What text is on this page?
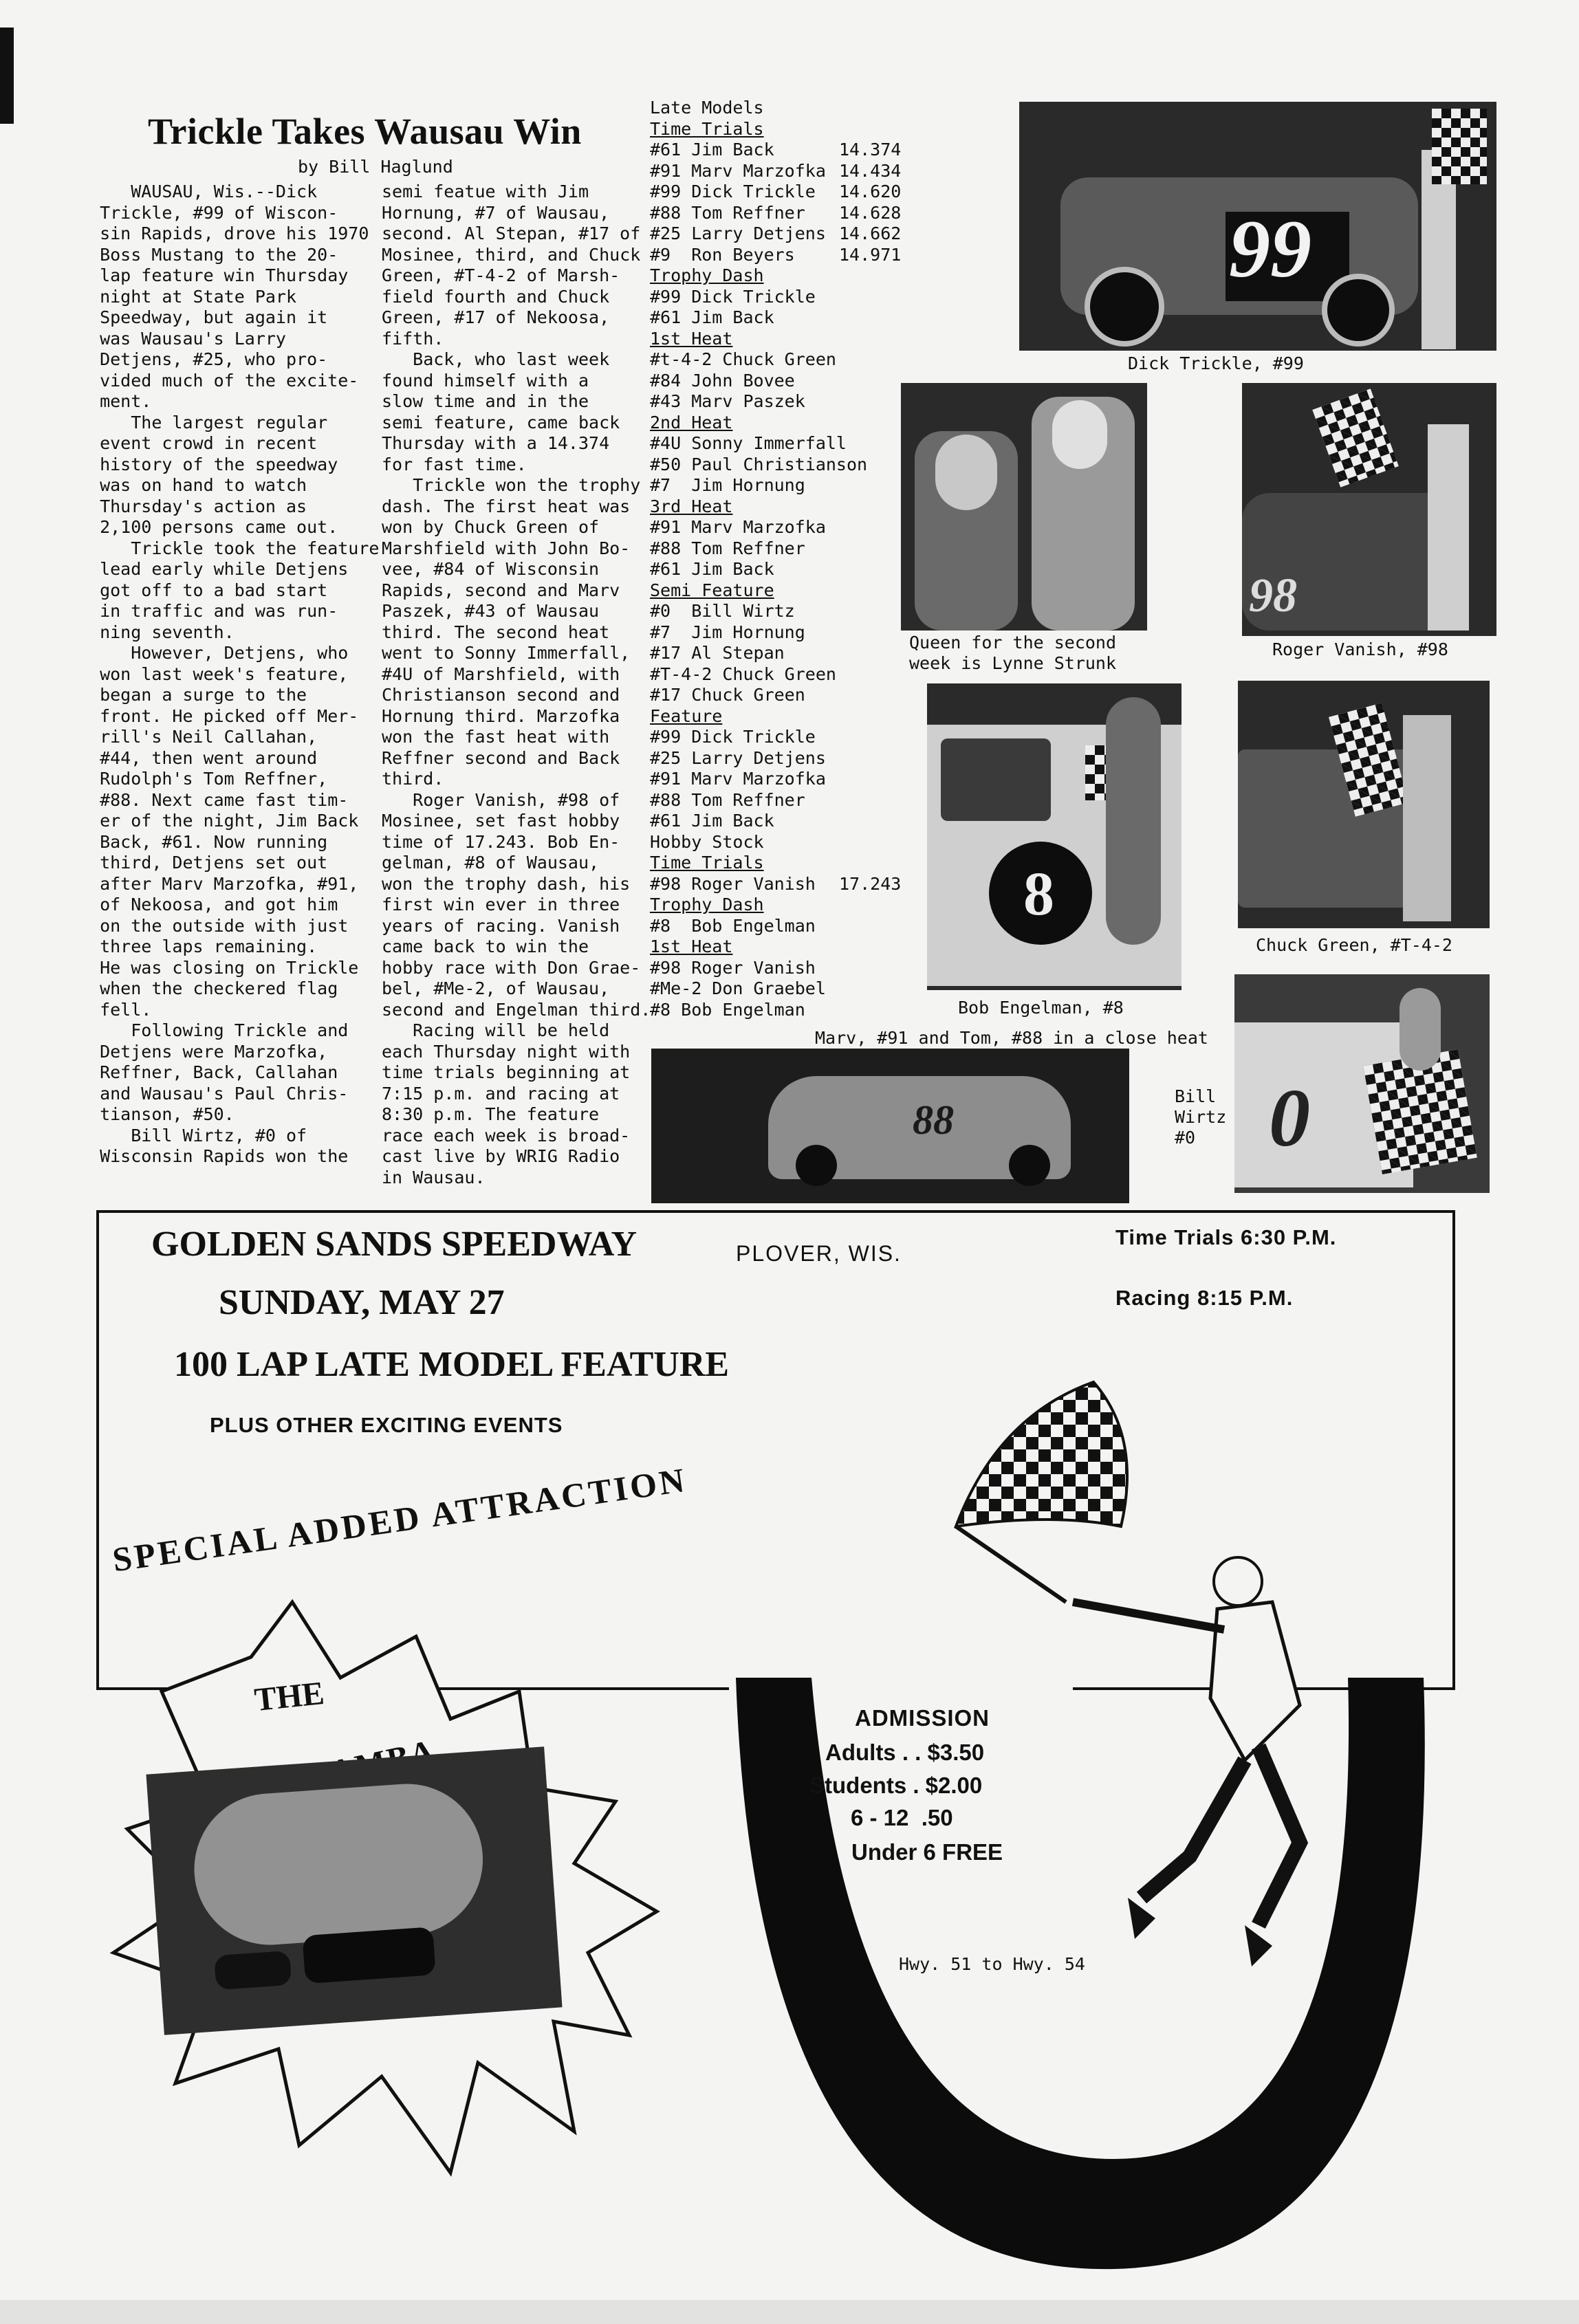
Trickle Takes Wausau Win
by Bill Haglund
WAUSAU, Wis.--Dick
Trickle, #99 of Wiscon-
sin Rapids, drove his 1970
Boss Mustang to the 20-
lap feature win Thursday
night at State Park
Speedway, but again it
was Wausau's Larry
Detjens, #25, who pro-
vided much of the excite-
ment.
The largest regular
event crowd in recent
history of the speedway
was on hand to watch
Thursday's action as
2,100 persons came out.
Trickle took the feature
lead early while Detjens
got off to a bad start
in traffic and was run-
ning seventh.
However, Detjens, who
won last week's feature,
began a surge to the
front. He picked off Mer-
rill's Neil Callahan,
#44, then went around
Rudolph's Tom Reffner,
#88. Next came fast tim-
er of the night, Jim Back
Back, #61. Now running
third, Detjens set out
after Marv Marzofka, #91,
of Nekoosa, and got him
on the outside with just
three laps remaining.
He was closing on Trickle
when the checkered flag
fell.
Following Trickle and
Detjens were Marzofka,
Reffner, Back, Callahan
and Wausau's Paul Chris-
tianson, #50.
Bill Wirtz, #0 of
Wisconsin Rapids won the
semi featue with Jim
Hornung, #7 of Wausau,
second. Al Stepan, #17 of
Mosinee, third, and Chuck
Green, #T-4-2 of Marsh-
field fourth and Chuck
Green, #17 of Nekoosa,
fifth.
Back, who last week
found himself with a
slow time and in the
semi feature, came back
Thursday with a 14.374
for fast time.
Trickle won the trophy
dash. The first heat was
won by Chuck Green of
Marshfield with John Bo-
vee, #84 of Wisconsin
Rapids, second and Marv
Paszek, #43 of Wausau
third. The second heat
went to Sonny Immerfall,
#4U of Marshfield, with
Christianson second and
Hornung third. Marzofka
won the fast heat with
Reffner second and Back
third.
Roger Vanish, #98 of
Mosinee, set fast hobby
time of 17.243. Bob En-
gelman, #8 of Wausau,
won the trophy dash, his
first win ever in three
years of racing. Vanish
came back to win the
hobby race with Don Grae-
bel, #Me-2, of Wausau,
second and Engelman third.
Racing will be held
each Thursday night with
time trials beginning at
7:15 p.m. and racing at
8:30 p.m. The feature
race each week is broad-
cast live by WRIG Radio
in Wausau.
Late Models
Time Trials
#61 Jim Back	14.374
#91 Marv Marzofka 14.434
#99 Dick Trickle 14.620
#88 Tom Reffner 14.628
#25 Larry Detjens 14.662
#9  Ron Beyers	14.971
Trophy Dash
#99 Dick Trickle
#61 Jim Back
1st Heat
#t-4-2 Chuck Green
#84 John Bovee
#43 Marv Paszek
2nd Heat
#4U Sonny Immerfall
#50 Paul Christianson
#7  Jim Hornung
3rd Heat
#91 Marv Marzofka
#88 Tom Reffner
#61 Jim Back
Semi Feature
#0  Bill Wirtz
#7  Jim Hornung
#17 Al Stepan
#T-4-2 Chuck Green
#17 Chuck Green
Feature
#99 Dick Trickle
#25 Larry Detjens
#91 Marv Marzofka
#88 Tom Reffner
#61 Jim Back
Hobby Stock
Time Trials
#98 Roger Vanish 17.243
Trophy Dash
#8  Bob Engelman
1st Heat
#98 Roger Vanish
#Me-2 Don Graebel
#8 Bob Engelman
99
Dick Trickle, #99
Queen for the second
week is Lynne Strunk
98
Roger Vanish, #98
8
Bob Engelman, #8
Chuck Green, #T-4-2
88
Marv, #91 and Tom, #88 in a close heat
0
Bill
Wirtz
#0
GOLDEN SANDS SPEEDWAY	PLOVER, WIS.
SUNDAY, MAY 27
100 LAP LATE MODEL FEATURE
PLUS OTHER EXCITING EVENTS
Time Trials 6:30 P.M.
Racing 8:15 P.M.
SPECIAL ADDED ATTRACTION
THE	ADMISSION
Adults . . $3.50
Students . $2.00
6 - 12  .50
Under 6 FREE
Hwy. 51 to Hwy. 54
